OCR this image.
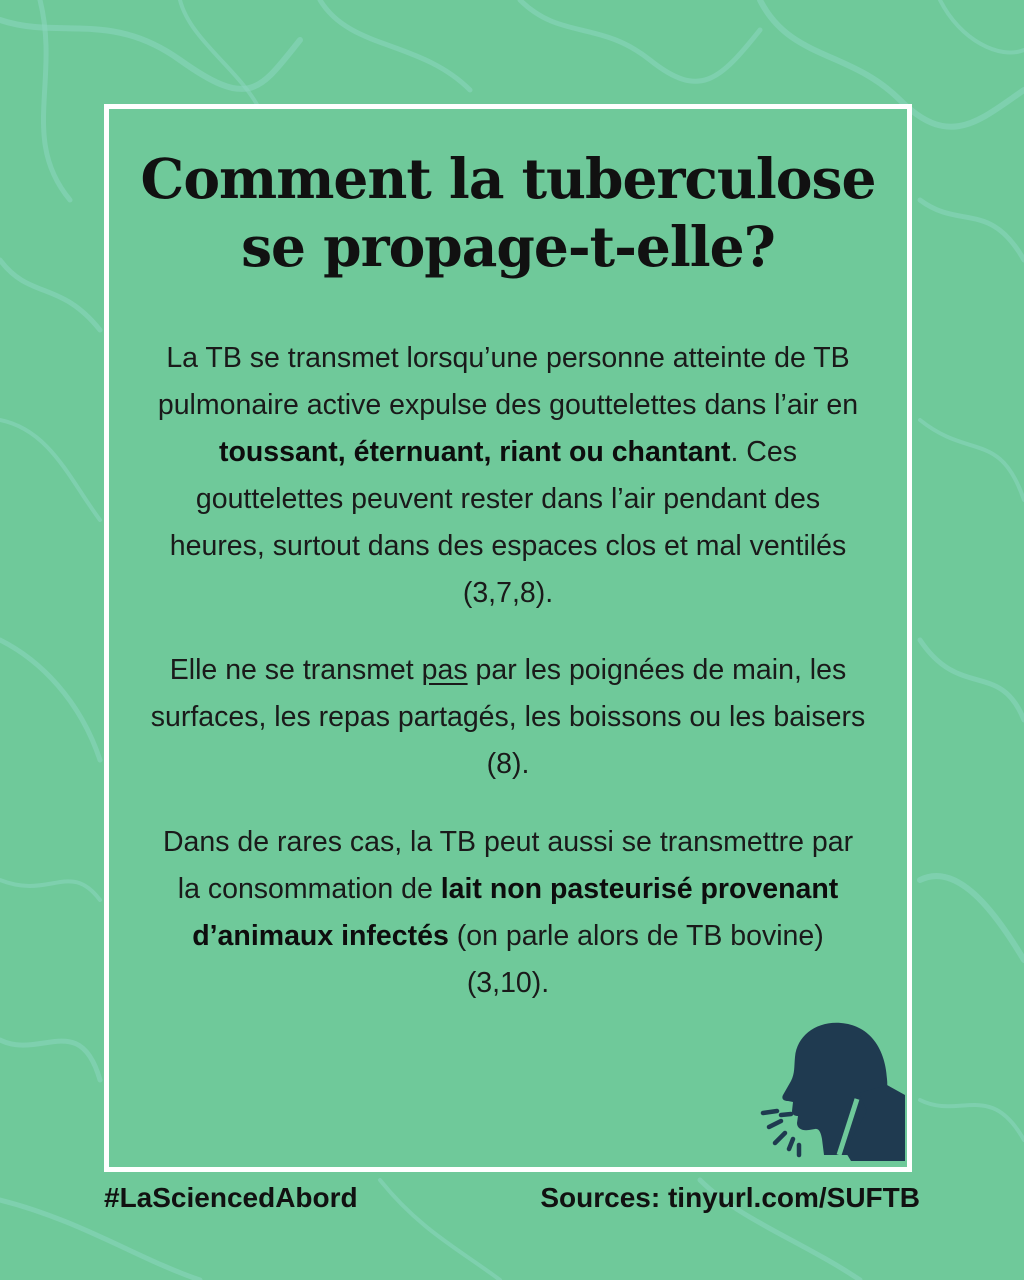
Comment la tuberculose
se propage-t-elle?

La TB se transmet lorsqu’une personne atteinte de TB pulmonaire active expulse des gouttelettes dans l’air en toussant, éternuant, riant ou chantant. Ces gouttelettes peuvent rester dans l’air pendant des heures, surtout dans des espaces clos et mal ventilés (3,7,8).

Elle ne se transmet pas par les poignées de main, les surfaces, les repas partagés, les boissons ou les baisers (8).

Dans de rares cas, la TB peut aussi se transmettre par la consommation de lait non pasteurisé provenant d’animaux infectés (on parle alors de TB bovine) (3,10).

#LaSciencedAbord	Sources: tinyurl.com/SUFTB
